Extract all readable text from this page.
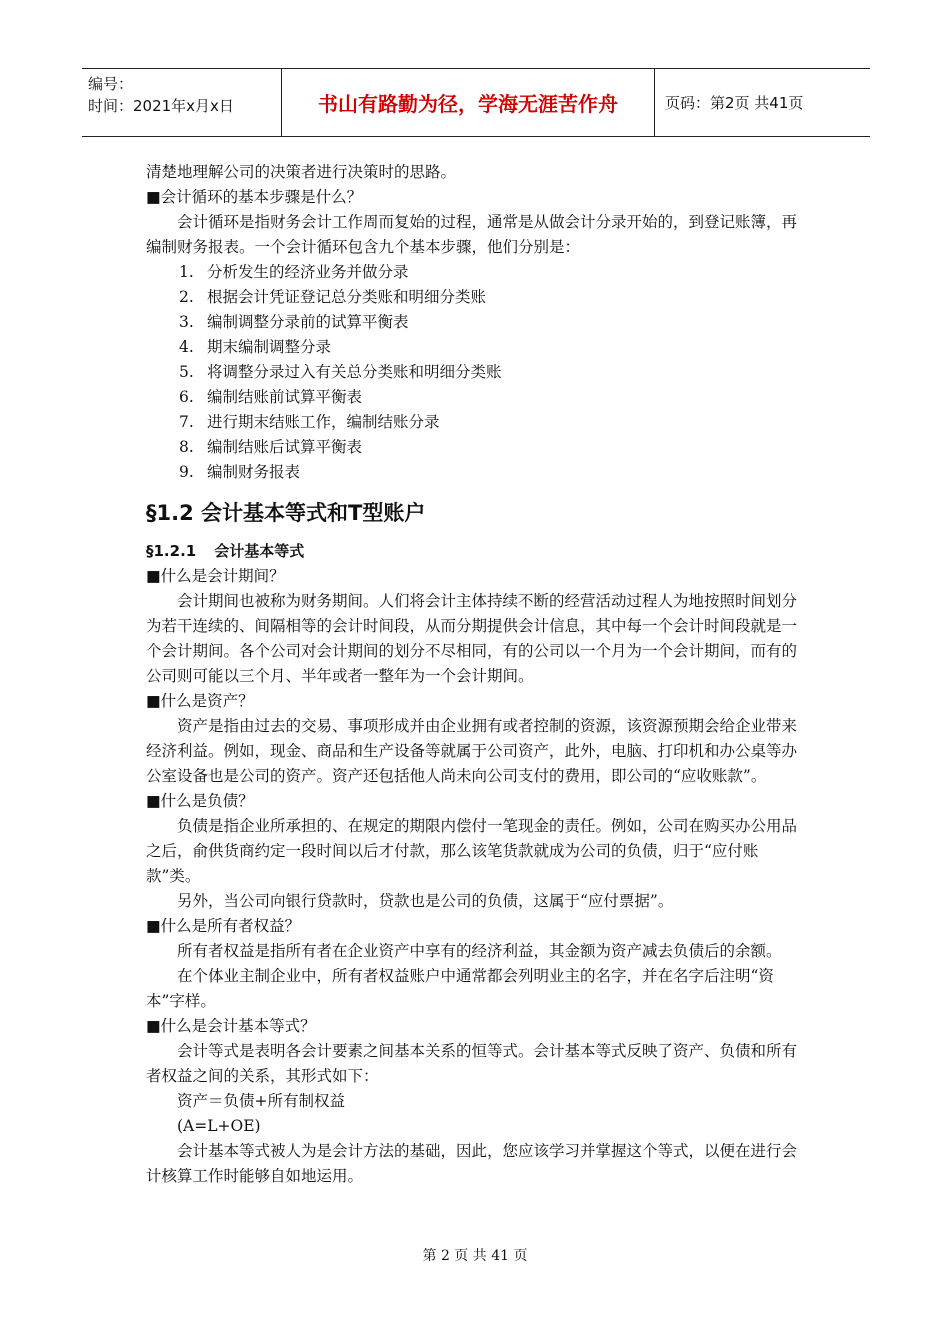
编号：
时间：2021年x月x日	书山有路勤为径，学海无涯苦作舟	页码：第2页 共41页

清楚地理解公司的决策者进行决策时的思路。

■会计循环的基本步骤是什么？

会计循环是指财务会计工作周而复始的过程，通常是从做会计分录开始的，到登记账簿，再编制财务报表。一个会计循环包含九个基本步骤，他们分别是：

1. 分析发生的经济业务并做分录
2. 根据会计凭证登记总分类账和明细分类账
3. 编制调整分录前的试算平衡表
4. 期末编制调整分录
5. 将调整分录过入有关总分类账和明细分类账
6. 编制结账前试算平衡表
7. 进行期末结账工作，编制结账分录
8. 编制结账后试算平衡表
9. 编制财务报表

§1.2 会计基本等式和T型账户

§1.2.1 会计基本等式

■什么是会计期间？

会计期间也被称为财务期间。人们将会计主体持续不断的经营活动过程人为地按照时间划分为若干连续的、间隔相等的会计时间段，从而分期提供会计信息，其中每一个会计时间段就是一个会计期间。各个公司对会计期间的划分不尽相同，有的公司以一个月为一个会计期间，而有的公司则可能以三个月、半年或者一整年为一个会计期间。

■什么是资产？

资产是指由过去的交易、事项形成并由企业拥有或者控制的资源，该资源预期会给企业带来经济利益。例如，现金、商品和生产设备等就属于公司资产，此外，电脑、打印机和办公桌等办公室设备也是公司的资产。资产还包括他人尚未向公司支付的费用，即公司的“应收账款”。

■什么是负债？

负债是指企业所承担的、在规定的期限内偿付一笔现金的责任。例如，公司在购买办公用品之后，俞供货商约定一段时间以后才付款，那么该笔货款就成为公司的负债，归于“应付账款”类。

另外，当公司向银行贷款时，贷款也是公司的负债，这属于“应付票据”。

■什么是所有者权益？

所有者权益是指所有者在企业资产中享有的经济利益，其金额为资产减去负债后的余额。

在个体业主制企业中，所有者权益账户中通常都会列明业主的名字，并在名字后注明“资本”字样。

■什么是会计基本等式？

会计等式是表明各会计要素之间基本关系的恒等式。会计基本等式反映了资产、负债和所有者权益之间的关系，其形式如下：

资产＝负债+所有制权益

(A=L+OE)

会计基本等式被人为是会计方法的基础，因此，您应该学习并掌握这个等式，以便在进行会计核算工作时能够自如地运用。

第 2 页 共 41 页
